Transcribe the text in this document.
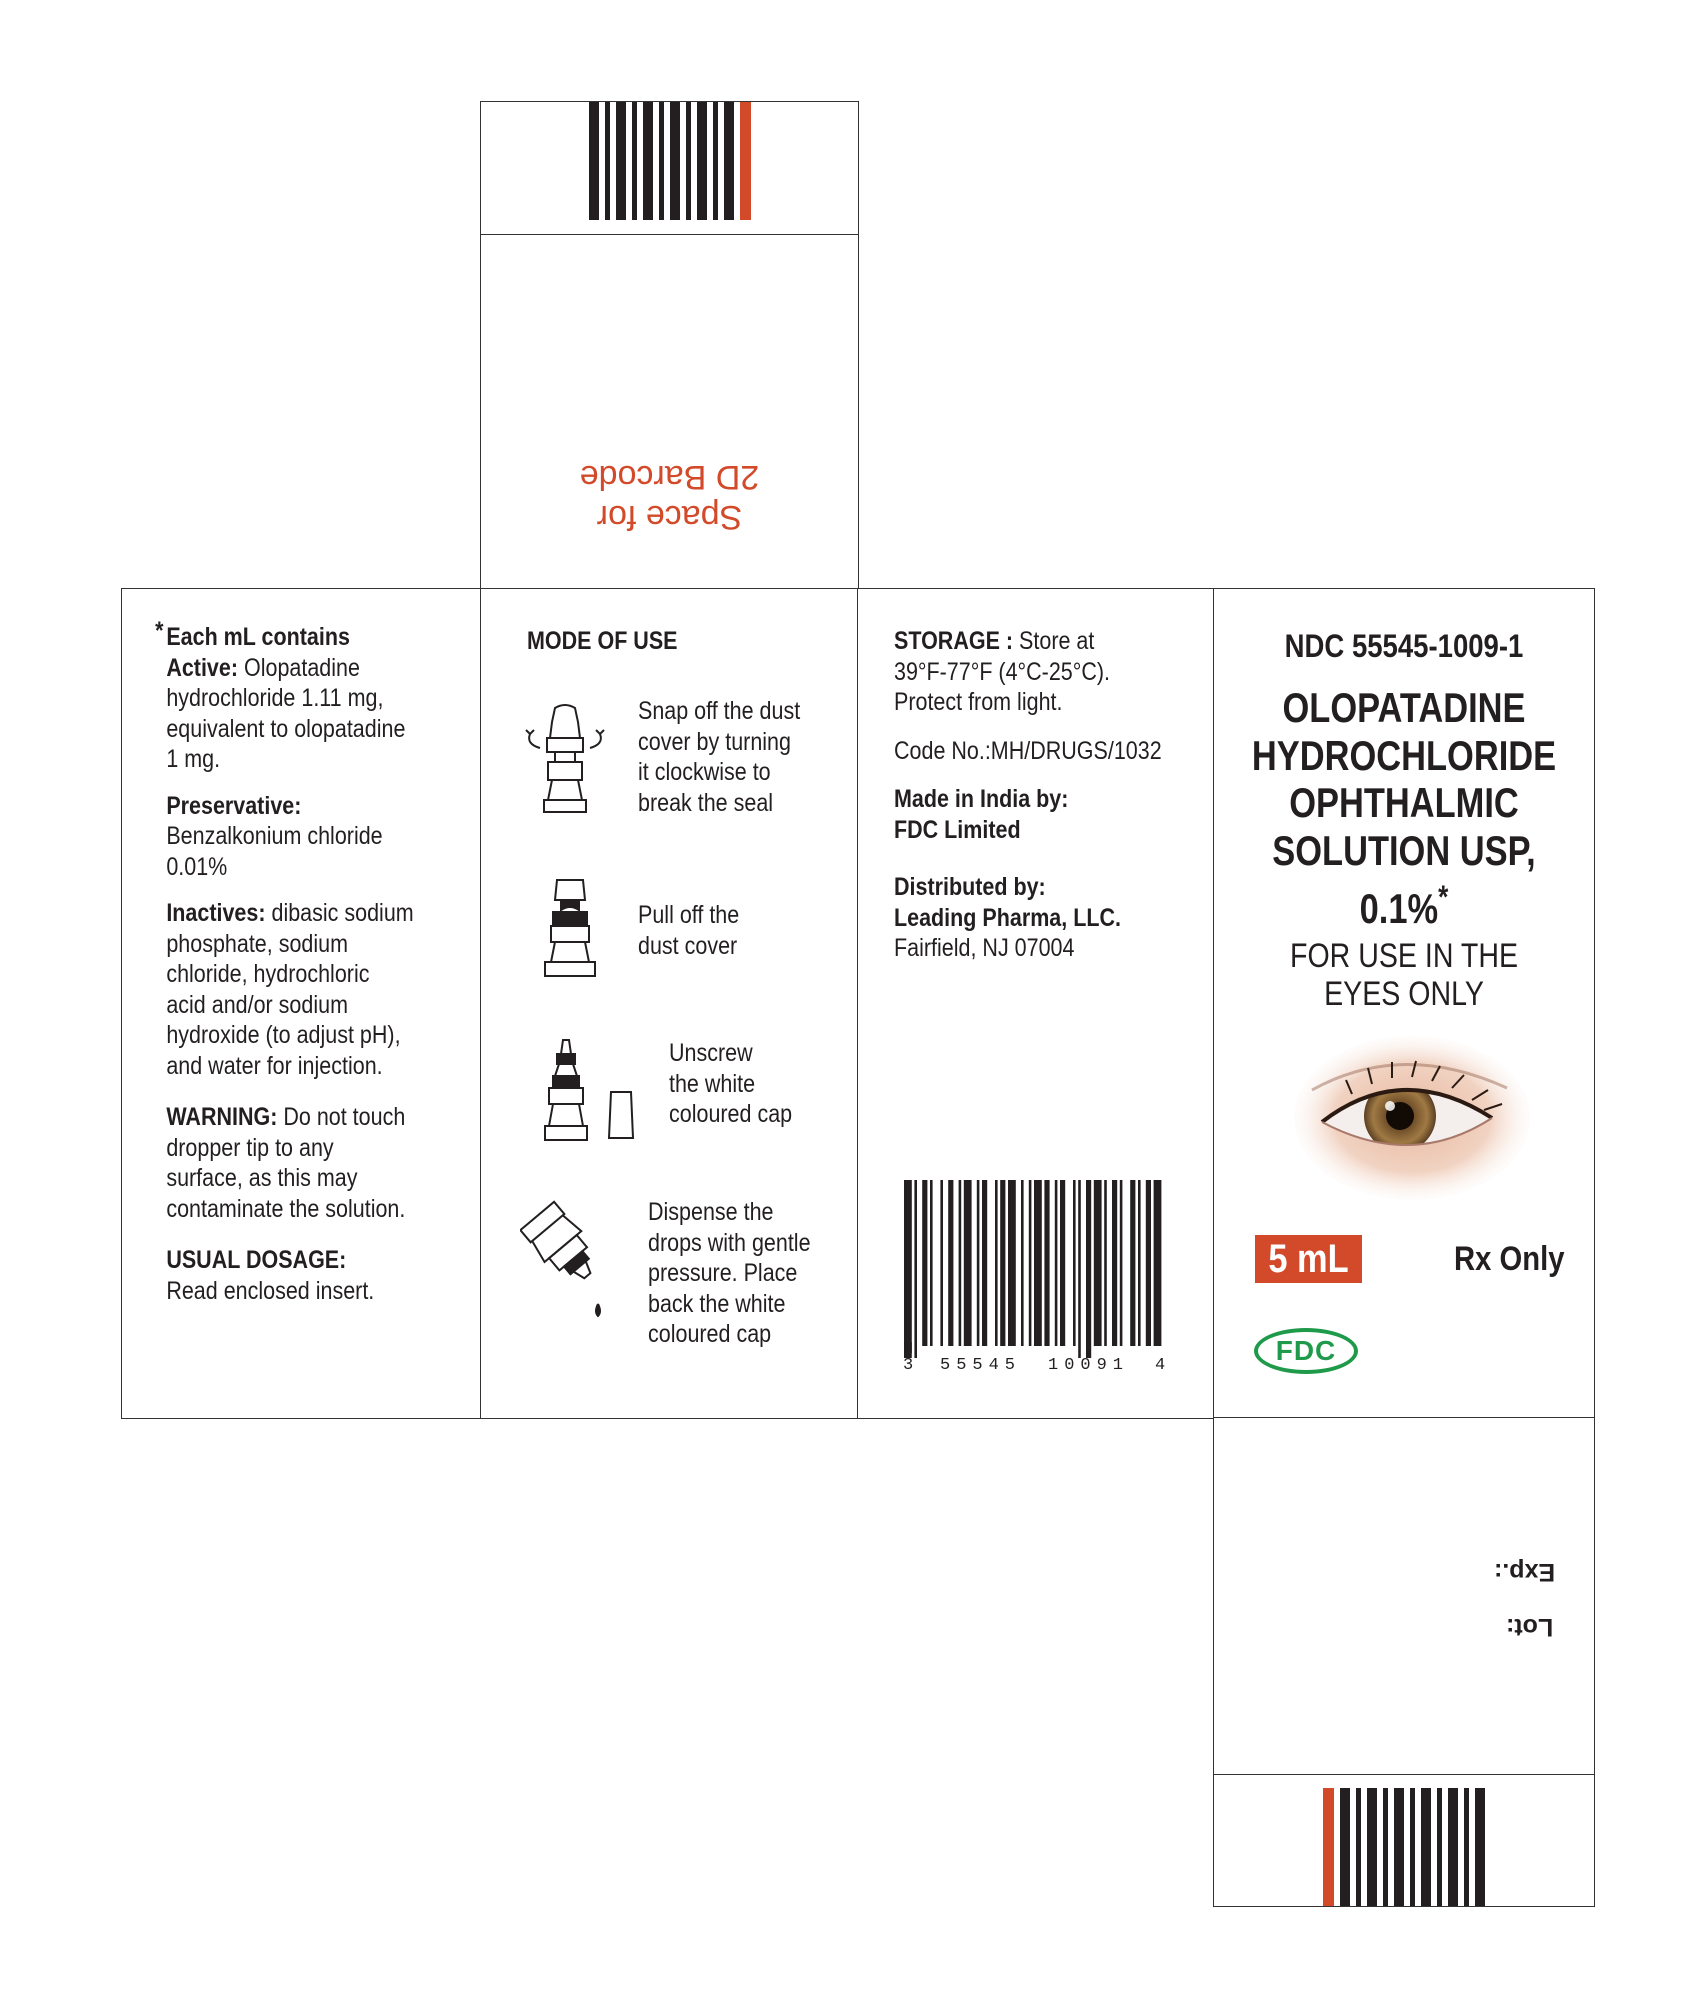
Space for
2D Barcode
Exp.:
Lot:
* Each mL contains
Active: Olopatadine
hydrochloride 1.11 mg,
equivalent to olopatadine
1 mg.
Preservative:
Benzalkonium chloride
0.01%
Inactives: dibasic sodium
phosphate, sodium
chloride, hydrochloric
acid and/or sodium
hydroxide (to adjust pH),
and water for injection.
WARNING: Do not touch
dropper tip to any
surface, as this may
contaminate the solution.
USUAL DOSAGE:
Read enclosed insert.
MODE OF USE
Snap off the dust
cover by turning
it clockwise to
break the seal
Pull off the
dust cover
Unscrew
the white
coloured cap
Dispense the
drops with gentle
pressure. Place
back the white
coloured cap
STORAGE : Store at
39°F-77°F (4°C-25°C).
Protect from light.
Code No.:MH/DRUGS/1032
Made in India by:
FDC Limited
Distributed by:
Leading Pharma, LLC.
Fairfield, NJ 07004
N
3 55545 10091 4
NDC 55545-1009-1
OLOPATADINE
HYDROCHLORIDE
OPHTHALMIC
SOLUTION USP,
0.1%*
FOR USE IN THE
EYES ONLY
5 mL	Rx Only
FDC
